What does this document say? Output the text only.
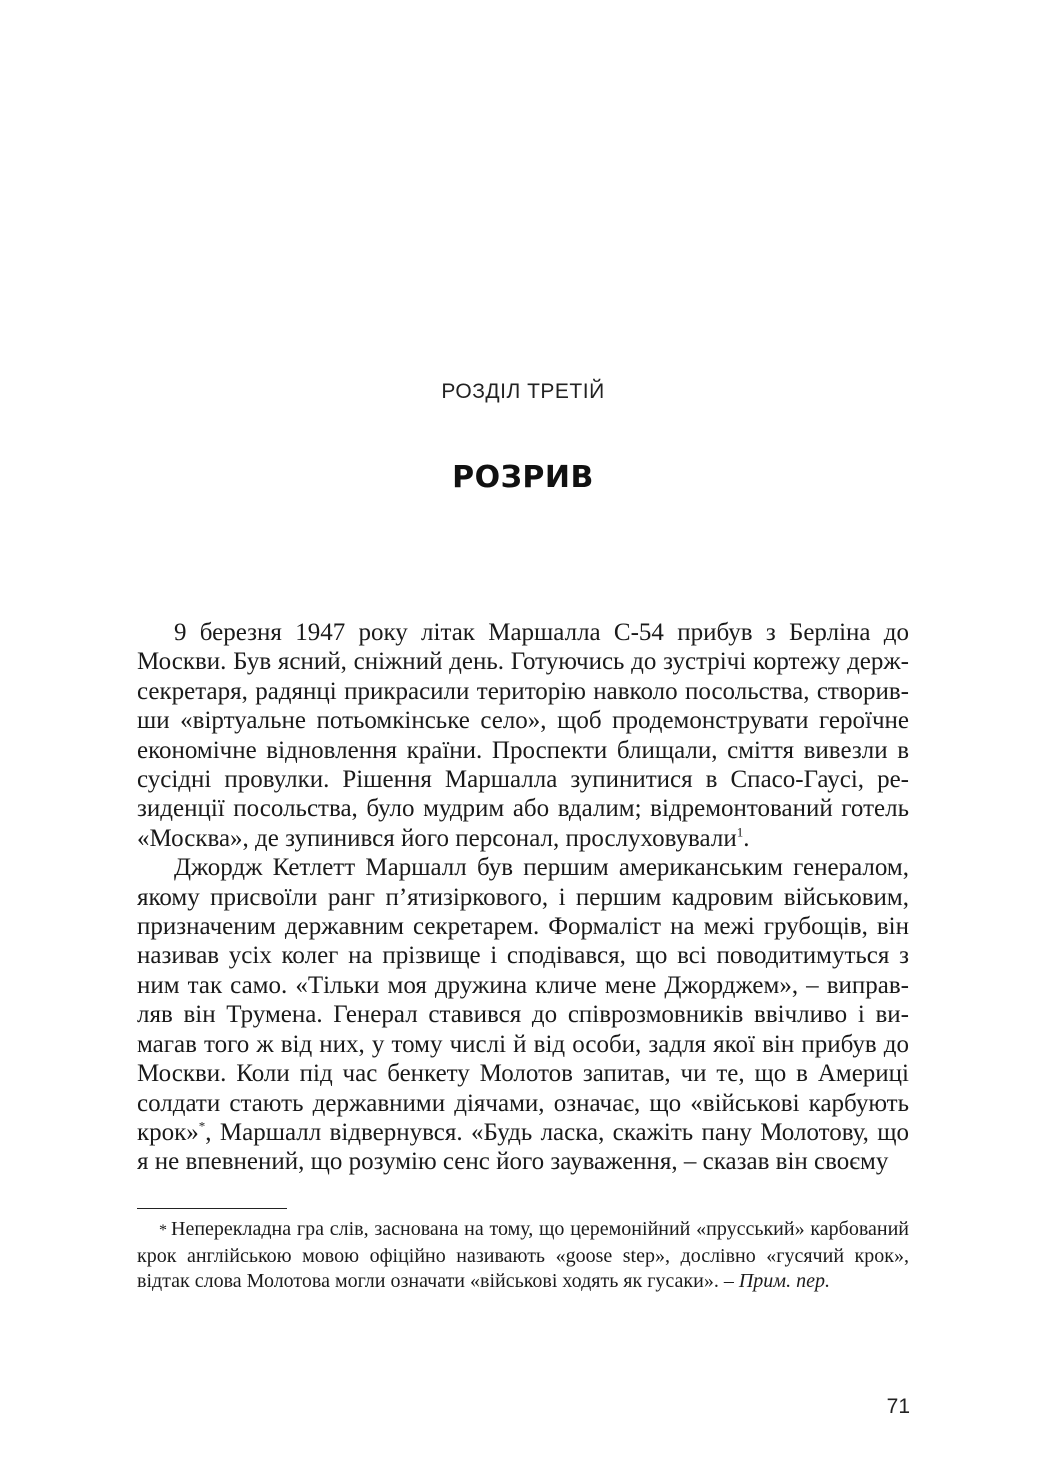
РОЗДІЛ ТРЕТІЙ
РОЗРИВ

9 березня 1947 року літак Маршалла С-54 прибув з Берліна до Москви. Був ясний, сніжний день. Готуючись до зустрічі кортежу держсекретаря, радянці прикрасили територію навколо посольства, створивши «віртуальне потьомкінське село», щоб продемонструвати героїчне економічне відновлення країни. Проспекти блищали, сміття вивезли в сусідні провулки. Рішення Маршалла зупинитися в Спасо-Гаусі, резиденції посольства, було мудрим або вдалим; відремонтований готель «Москва», де зупинився його персонал, прослуховували$^1$.

Джордж Кетлетт Маршалл був першим американським генералом, якому присвоїли ранг п’ятизіркового, і першим кадровим військовим, призначеним державним секретарем. Формаліст на межі грубощів, він називав усіх колег на прізвище і сподівався, що всі поводитимуться з ним так само. «Тільки моя дружина кличе мене Джорджем», – виправляв він Трумена. Генерал ставився до співрозмовників ввічливо і вимагав того ж від них, у тому числі й від особи, задля якої він прибув до Москви. Коли під час бенкету Молотов запитав, чи те, що в Америці солдати стають державними діячами, означає, що «військові карбують крок»*, Маршалл відвернувся. «Будь ласка, скажіть пану Молотову, що я не впевнений, що розумію сенс його зауваження, – сказав він своєму

* Неперекладна гра слів, заснована на тому, що церемонійний «прусський» карбований крок англійською мовою офіційно називають «goose step», дослівно «гусячий крок», відтак слова Молотова могли означати «військові ходять як гусаки». – Прим. пер.

71
